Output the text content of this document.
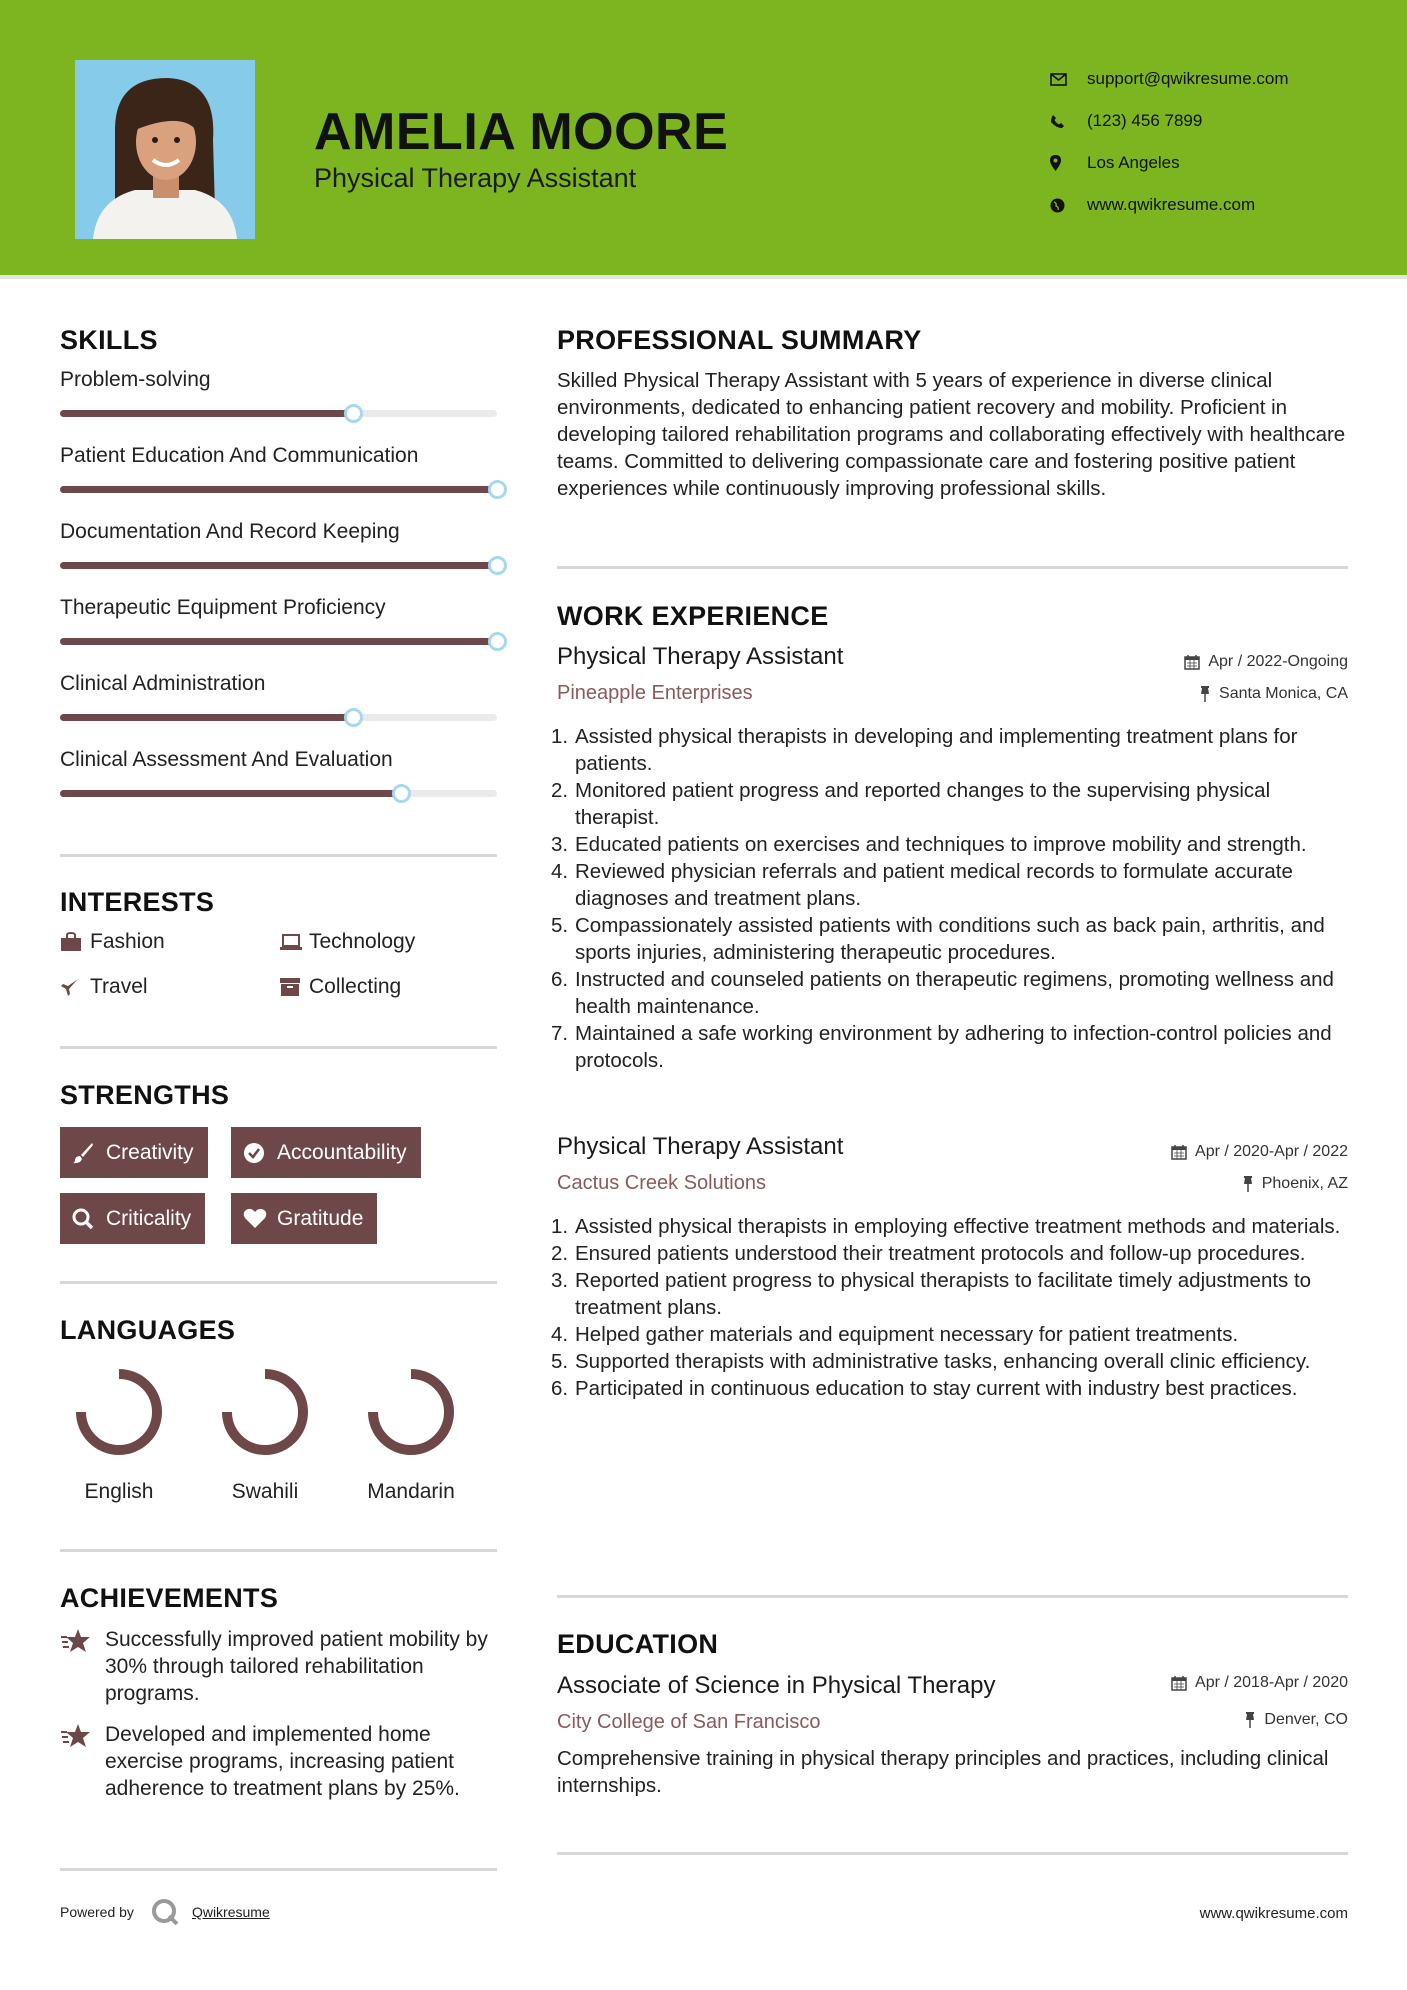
AMELIA MOORE
Physical Therapy Assistant
support@qwikresume.com
(123) 456 7899
Los Angeles
www.qwikresume.com
SKILLS
Problem-solving
Patient Education And Communication
Documentation And Record Keeping
Therapeutic Equipment Proficiency
Clinical Administration
Clinical Assessment And Evaluation
INTERESTS
Fashion	Technology
Travel	Collecting
STRENGTHS
Creativity	Accountability
Criticality	Gratitude
LANGUAGES
English	Swahili	Mandarin
ACHIEVEMENTS
Successfully improved patient mobility by 30% through tailored rehabilitation programs.
Developed and implemented home exercise programs, increasing patient adherence to treatment plans by 25%.
PROFESSIONAL SUMMARY
Skilled Physical Therapy Assistant with 5 years of experience in diverse clinical environments, dedicated to enhancing patient recovery and mobility. Proficient in developing tailored rehabilitation programs and collaborating effectively with healthcare teams. Committed to delivering compassionate care and fostering positive patient experiences while continuously improving professional skills.
WORK EXPERIENCE
Physical Therapy Assistant	Apr / 2022-Ongoing
Pineapple Enterprises	Santa Monica, CA
1. Assisted physical therapists in developing and implementing treatment plans for patients.
2. Monitored patient progress and reported changes to the supervising physical therapist.
3. Educated patients on exercises and techniques to improve mobility and strength.
4. Reviewed physician referrals and patient medical records to formulate accurate diagnoses and treatment plans.
5. Compassionately assisted patients with conditions such as back pain, arthritis, and sports injuries, administering therapeutic procedures.
6. Instructed and counseled patients on therapeutic regimens, promoting wellness and health maintenance.
7. Maintained a safe working environment by adhering to infection-control policies and protocols.
Physical Therapy Assistant	Apr / 2020-Apr / 2022
Cactus Creek Solutions	Phoenix, AZ
1. Assisted physical therapists in employing effective treatment methods and materials.
2. Ensured patients understood their treatment protocols and follow-up procedures.
3. Reported patient progress to physical therapists to facilitate timely adjustments to treatment plans.
4. Helped gather materials and equipment necessary for patient treatments.
5. Supported therapists with administrative tasks, enhancing overall clinic efficiency.
6. Participated in continuous education to stay current with industry best practices.
EDUCATION
Associate of Science in Physical Therapy	Apr / 2018-Apr / 2020
City College of San Francisco	Denver, CO
Comprehensive training in physical therapy principles and practices, including clinical internships.
Powered by	Qwikresume	www.qwikresume.com
